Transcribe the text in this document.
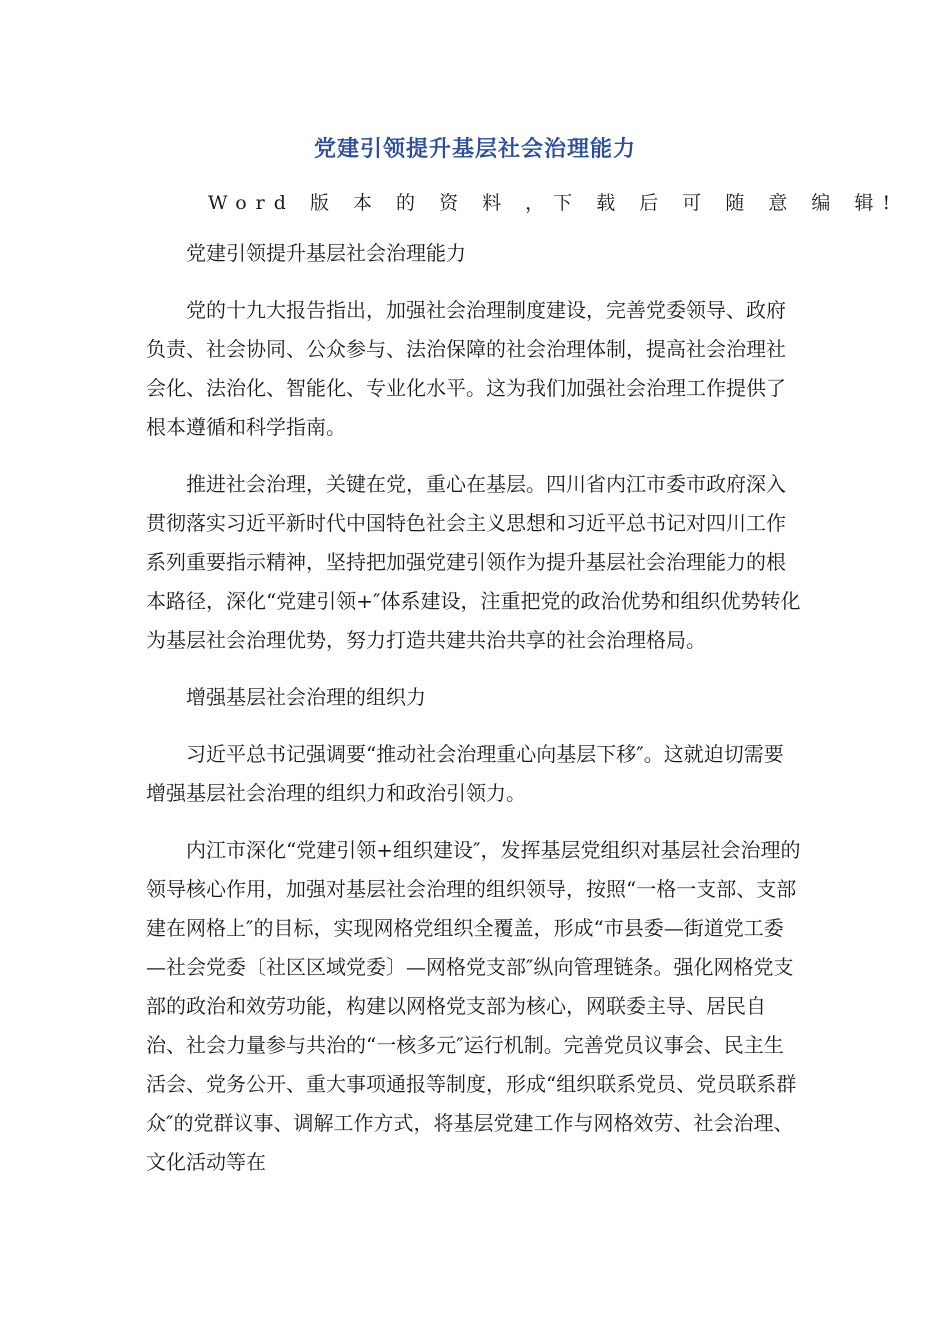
党建引领提升基层社会治理能力
Word 版 本 的 资 料 ，下 载 后 可 随 意 编 辑!

党建引领提升基层社会治理能力

党的十九大报告指出，加强社会治理制度建设，完善党委领导、政府负责、社会协同、公众参与、法治保障的社会治理体制，提高社会治理社会化、法治化、智能化、专业化水平。这为我们加强社会治理工作提供了根本遵循和科学指南。

推进社会治理，关键在党，重心在基层。四川省内江市委市政府深入贯彻落实习近平新时代中国特色社会主义思想和习近平总书记对四川工作系列重要指示精神，坚持把加强党建引领作为提升基层社会治理能力的根本路径，深化“党建引领+″体系建设，注重把党的政治优势和组织优势转化为基层社会治理优势，努力打造共建共治共享的社会治理格局。

增强基层社会治理的组织力

习近平总书记强调要“推动社会治理重心向基层下移″。这就迫切需要增强基层社会治理的组织力和政治引领力。

内江市深化“党建引领+组织建设″，发挥基层党组织对基层社会治理的领导核心作用，加强对基层社会治理的组织领导，按照“一格一支部、支部建在网格上″的目标，实现网格党组织全覆盖，形成“市县委—街道党工委—社会党委〔社区区域党委〕—网格党支部″纵向管理链条。强化网格党支部的政治和效劳功能，构建以网格党支部为核心，网联委主导、居民自治、社会力量参与共治的“一核多元″运行机制。完善党员议事会、民主生活会、党务公开、重大事项通报等制度，形成“组织联系党员、党员联系群众″的党群议事、调解工作方式，将基层党建工作与网格效劳、社会治理、文化活动等在
